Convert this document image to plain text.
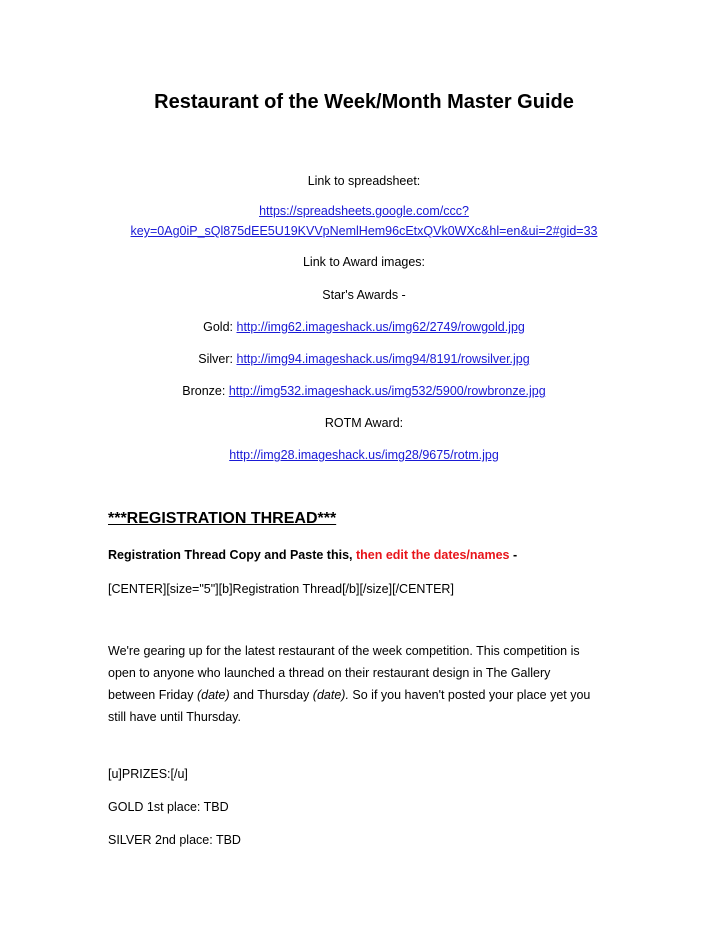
Restaurant of the Week/Month Master Guide
Link to spreadsheet:
https://spreadsheets.google.com/ccc?
key=0Ag0iP_sQl875dEE5U19KVVpNemlHem96cEtxQVk0WXc&hl=en&ui=2#gid=33
Link to Award images:
Star's Awards -
Gold: http://img62.imageshack.us/img62/2749/rowgold.jpg
Silver: http://img94.imageshack.us/img94/8191/rowsilver.jpg
Bronze: http://img532.imageshack.us/img532/5900/rowbronze.jpg
ROTM Award:
http://img28.imageshack.us/img28/9675/rotm.jpg
***REGISTRATION THREAD***
Registration Thread Copy and Paste this, then edit the dates/names -
[CENTER][size="5"][b]Registration Thread[/b][/size][/CENTER]
We're gearing up for the latest restaurant of the week competition. This competition is
open to anyone who launched a thread on their restaurant design in The Gallery
between Friday (date) and Thursday (date). So if you haven't posted your place yet you
still have until Thursday.
[u]PRIZES:[/u]
GOLD 1st place: TBD
SILVER 2nd place: TBD
